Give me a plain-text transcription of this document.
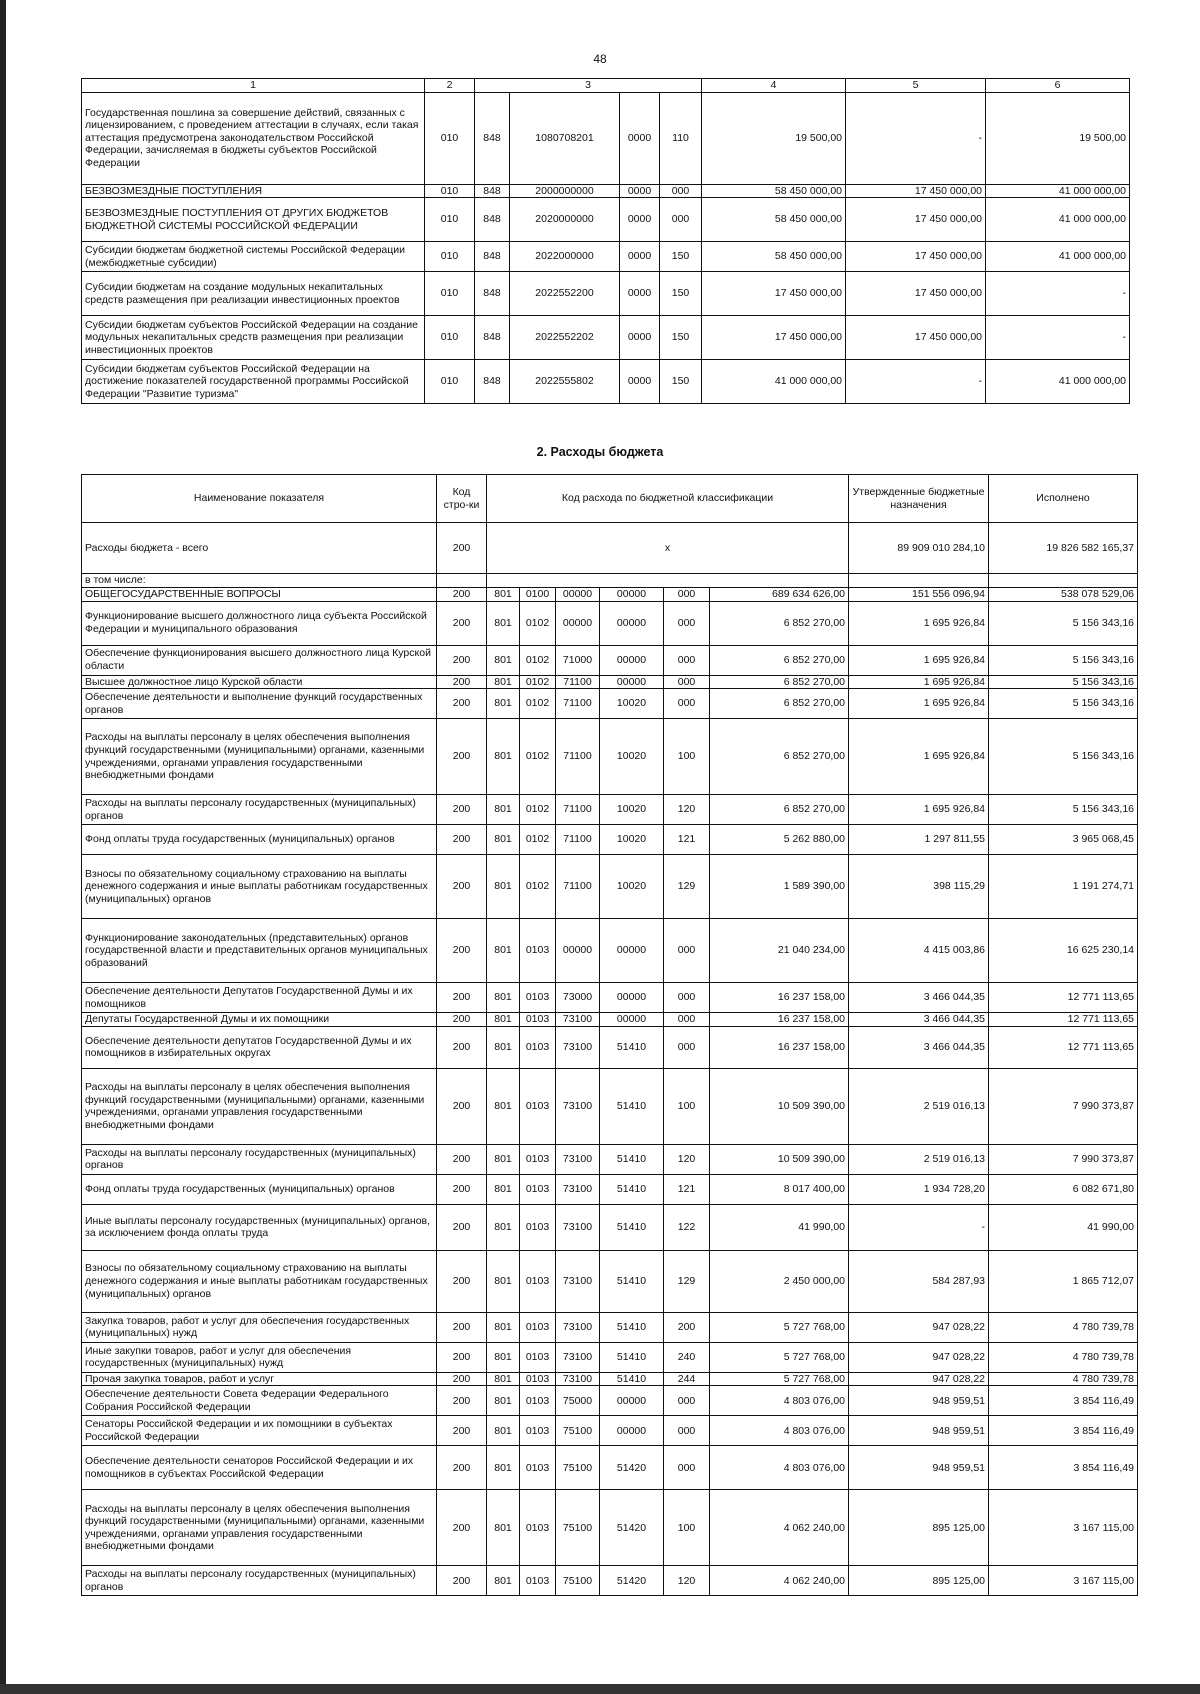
48
1	2	3				4	5	6
Государственная пошлина за совершение действий, связанных с лицензированием, с проведением аттестации в случаях, если такая аттестация предусмотрена законодательством Российской Федерации, зачисляемая в бюджеты субъектов Российской Федерации	010	848	1080708201	0000	110	19 500,00	-	19 500,00
БЕЗВОЗМЕЗДНЫЕ ПОСТУПЛЕНИЯ	010	848	2000000000	0000	000	58 450 000,00	17 450 000,00	41 000 000,00
БЕЗВОЗМЕЗДНЫЕ ПОСТУПЛЕНИЯ ОТ ДРУГИХ БЮДЖЕТОВ БЮДЖЕТНОЙ СИСТЕМЫ РОССИЙСКОЙ ФЕДЕРАЦИИ	010	848	2020000000	0000	000	58 450 000,00	17 450 000,00	41 000 000,00
Субсидии бюджетам бюджетной системы Российской Федерации (межбюджетные субсидии)	010	848	2022000000	0000	150	58 450 000,00	17 450 000,00	41 000 000,00
Субсидии бюджетам на создание модульных некапитальных средств размещения при реализации инвестиционных проектов	010	848	2022552200	0000	150	17 450 000,00	17 450 000,00	-
Субсидии бюджетам субъектов Российской Федерации на создание модульных некапитальных средств размещения при реализации инвестиционных проектов	010	848	2022552202	0000	150	17 450 000,00	17 450 000,00	-
Субсидии бюджетам субъектов Российской Федерации на достижение показателей государственной программы Российской Федерации "Развитие туризма"	010	848	2022555802	0000	150	41 000 000,00	-	41 000 000,00
2. Расходы бюджета
Наименование показателя	Код стро-ки	Код расхода по бюджетной классификации						Утвержденные бюджетные назначения	Исполнено	
Расходы бюджета - всего	200	x						89 909 010 284,10	19 826 582 165,37	
в том числе:										
ОБЩЕГОСУДАРСТВЕННЫЕ ВОПРОСЫ	200	801	0100	00000	00000	000	689 634 626,00	151 556 096,94	538 078 529,06	
Функционирование высшего должностного лица субъекта Российской Федерации и муниципального образования	200	801	0102	00000	00000	000	6 852 270,00	1 695 926,84	5 156 343,16	
Обеспечение функционирования высшего должностного лица Курской области	200	801	0102	71000	00000	000	6 852 270,00	1 695 926,84	5 156 343,16	
Высшее должностное лицо Курской области	200	801	0102	71100	00000	000	6 852 270,00	1 695 926,84	5 156 343,16	
Обеспечение деятельности и выполнение функций государственных органов	200	801	0102	71100	10020	000	6 852 270,00	1 695 926,84	5 156 343,16	
Расходы на выплаты персоналу в целях обеспечения выполнения функций государственными (муниципальными) органами, казенными учреждениями, органами управления государственными внебюджетными фондами	200	801	0102	71100	10020	100	6 852 270,00	1 695 926,84	5 156 343,16	
Расходы на выплаты персоналу государственных (муниципальных) органов	200	801	0102	71100	10020	120	6 852 270,00	1 695 926,84	5 156 343,16	
Фонд оплаты труда государственных (муниципальных) органов	200	801	0102	71100	10020	121	5 262 880,00	1 297 811,55	3 965 068,45	
Взносы по обязательному социальному страхованию на выплаты денежного содержания и иные выплаты работникам государственных (муниципальных) органов	200	801	0102	71100	10020	129	1 589 390,00	398 115,29	1 191 274,71	
Функционирование законодательных (представительных) органов государственной власти и представительных органов муниципальных образований	200	801	0103	00000	00000	000	21 040 234,00	4 415 003,86	16 625 230,14	
Обеспечение деятельности Депутатов Государственной Думы и их помощников	200	801	0103	73000	00000	000	16 237 158,00	3 466 044,35	12 771 113,65	
Депутаты Государственной Думы и их помощники	200	801	0103	73100	00000	000	16 237 158,00	3 466 044,35	12 771 113,65	
Обеспечение деятельности депутатов Государственной Думы и их помощников в избирательных округах	200	801	0103	73100	51410	000	16 237 158,00	3 466 044,35	12 771 113,65	
Расходы на выплаты персоналу в целях обеспечения выполнения функций государственными (муниципальными) органами, казенными учреждениями, органами управления государственными внебюджетными фондами	200	801	0103	73100	51410	100	10 509 390,00	2 519 016,13	7 990 373,87	
Расходы на выплаты персоналу государственных (муниципальных) органов	200	801	0103	73100	51410	120	10 509 390,00	2 519 016,13	7 990 373,87	
Фонд оплаты труда государственных (муниципальных) органов	200	801	0103	73100	51410	121	8 017 400,00	1 934 728,20	6 082 671,80	
Иные выплаты персоналу государственных (муниципальных) органов, за исключением фонда оплаты труда	200	801	0103	73100	51410	122	41 990,00	-	41 990,00	
Взносы по обязательному социальному страхованию на выплаты денежного содержания и иные выплаты работникам государственных (муниципальных) органов	200	801	0103	73100	51410	129	2 450 000,00	584 287,93	1 865 712,07	
Закупка товаров, работ и услуг для обеспечения государственных (муниципальных) нужд	200	801	0103	73100	51410	200	5 727 768,00	947 028,22	4 780 739,78	
Иные закупки товаров, работ и услуг для обеспечения государственных (муниципальных) нужд	200	801	0103	73100	51410	240	5 727 768,00	947 028,22	4 780 739,78	
Прочая закупка товаров, работ и услуг	200	801	0103	73100	51410	244	5 727 768,00	947 028,22	4 780 739,78	
Обеспечение деятельности Совета Федерации Федерального Собрания Российской Федерации	200	801	0103	75000	00000	000	4 803 076,00	948 959,51	3 854 116,49	
Сенаторы Российской Федерации и их помощники в субъектах Российской Федерации	200	801	0103	75100	00000	000	4 803 076,00	948 959,51	3 854 116,49	
Обеспечение деятельности сенаторов Российской Федерации и их помощников в субъектах Российской Федерации	200	801	0103	75100	51420	000	4 803 076,00	948 959,51	3 854 116,49	
Расходы на выплаты персоналу в целях обеспечения выполнения функций государственными (муниципальными) органами, казенными учреждениями, органами управления государственными внебюджетными фондами	200	801	0103	75100	51420	100	4 062 240,00	895 125,00	3 167 115,00	
Расходы на выплаты персоналу государственных (муниципальных) органов	200	801	0103	75100	51420	120	4 062 240,00	895 125,00	3 167 115,00	
